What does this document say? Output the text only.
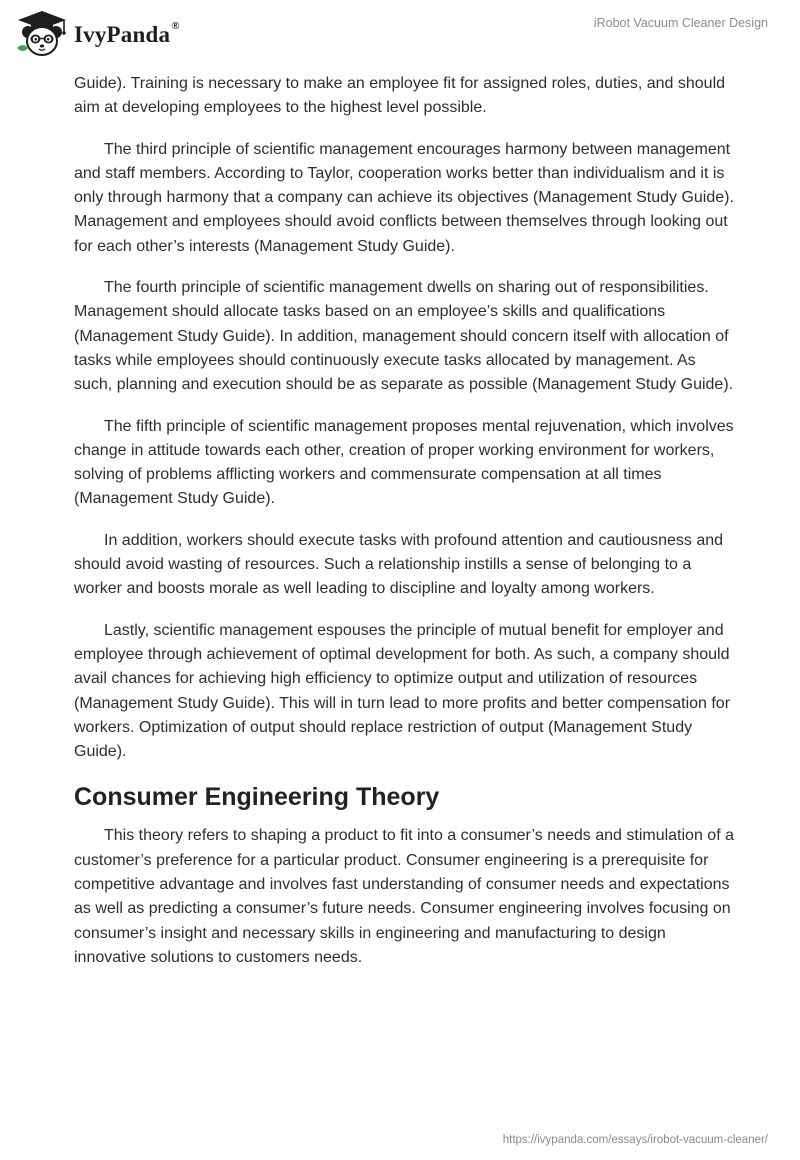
IvyPanda®	iRobot Vacuum Cleaner Design

Guide). Training is necessary to make an employee fit for assigned roles, duties, and should aim at developing employees to the highest level possible.

The third principle of scientific management encourages harmony between management and staff members. According to Taylor, cooperation works better than individualism and it is only through harmony that a company can achieve its objectives (Management Study Guide). Management and employees should avoid conflicts between themselves through looking out for each other’s interests (Management Study Guide).

The fourth principle of scientific management dwells on sharing out of responsibilities. Management should allocate tasks based on an employee’s skills and qualifications (Management Study Guide). In addition, management should concern itself with allocation of tasks while employees should continuously execute tasks allocated by management. As such, planning and execution should be as separate as possible (Management Study Guide).

The fifth principle of scientific management proposes mental rejuvenation, which involves change in attitude towards each other, creation of proper working environment for workers, solving of problems afflicting workers and commensurate compensation at all times (Management Study Guide).

In addition, workers should execute tasks with profound attention and cautiousness and should avoid wasting of resources. Such a relationship instills a sense of belonging to a worker and boosts morale as well leading to discipline and loyalty among workers.

Lastly, scientific management espouses the principle of mutual benefit for employer and employee through achievement of optimal development for both. As such, a company should avail chances for achieving high efficiency to optimize output and utilization of resources (Management Study Guide). This will in turn lead to more profits and better compensation for workers. Optimization of output should replace restriction of output (Management Study Guide).

Consumer Engineering Theory

This theory refers to shaping a product to fit into a consumer’s needs and stimulation of a customer’s preference for a particular product. Consumer engineering is a prerequisite for competitive advantage and involves fast understanding of consumer needs and expectations as well as predicting a consumer’s future needs. Consumer engineering involves focusing on consumer’s insight and necessary skills in engineering and manufacturing to design innovative solutions to customers needs.

https://ivypanda.com/essays/irobot-vacuum-cleaner/
